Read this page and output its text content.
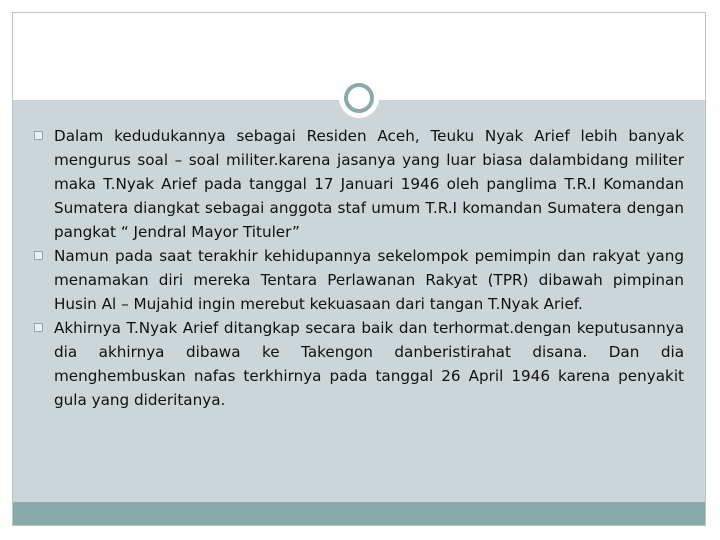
Dalam kedudukannya sebagai Residen Aceh, Teuku Nyak Arief lebih banyak mengurus soal – soal militer.karena jasanya yang luar biasa dalambidang militer maka T.Nyak Arief pada tanggal 17 Januari 1946 oleh panglima T.R.I Komandan Sumatera diangkat sebagai anggota staf umum T.R.I komandan Sumatera dengan pangkat “ Jendral Mayor Tituler”
Namun pada saat terakhir kehidupannya sekelompok pemimpin dan rakyat yang menamakan diri mereka Tentara Perlawanan Rakyat (TPR) dibawah pimpinan Husin Al – Mujahid ingin merebut kekuasaan dari tangan T.Nyak Arief.
Akhirnya T.Nyak Arief ditangkap secara baik dan terhormat.dengan keputusannya dia akhirnya dibawa ke Takengon danberistirahat disana. Dan dia menghembuskan nafas terkhirnya pada tanggal 26 April 1946 karena penyakit gula yang dideritanya.
